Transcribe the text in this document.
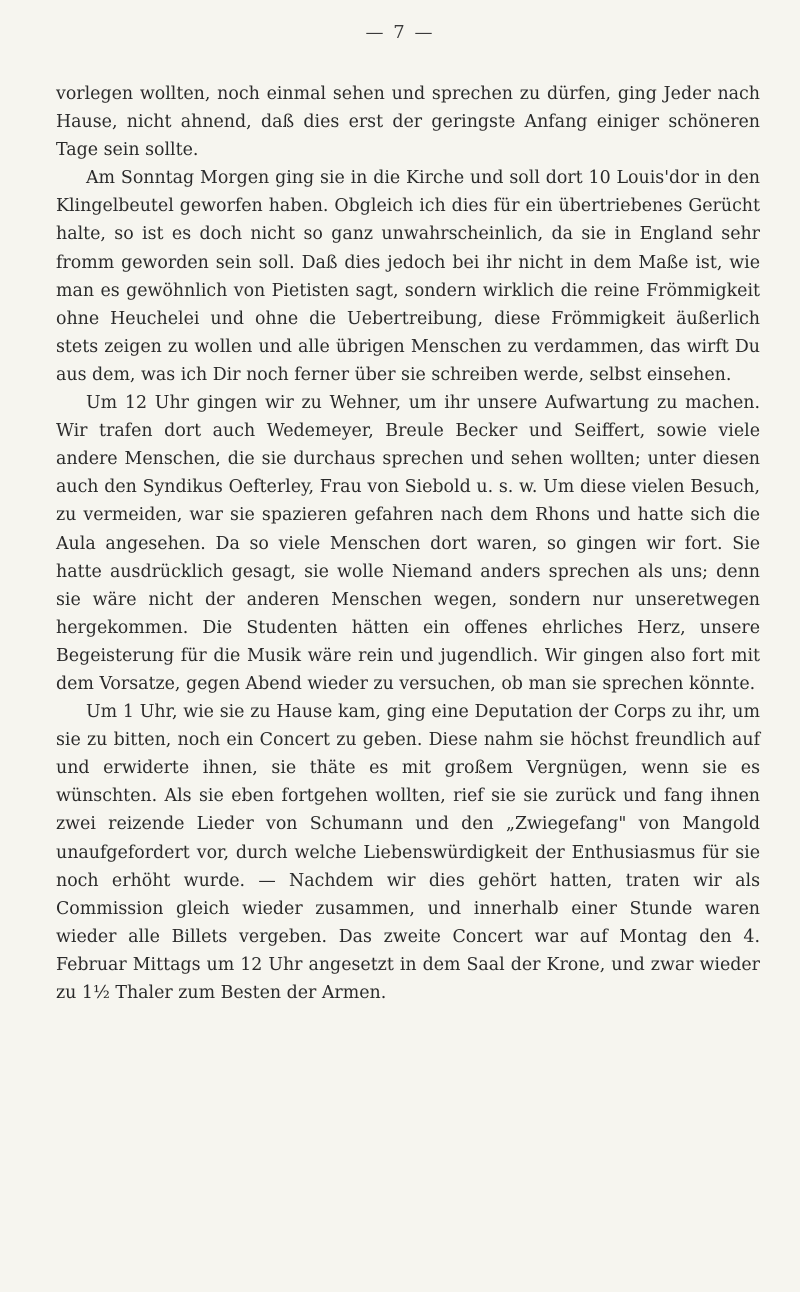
— 7 —

vorlegen wollten, noch einmal sehen und sprechen zu dürfen, ging Jeder nach Hause, nicht ahnend, daß dies erst der geringste Anfang einiger schöneren Tage sein sollte.

Am Sonntag Morgen ging sie in die Kirche und soll dort 10 Louis'dor in den Klingelbeutel geworfen haben. Obgleich ich dies für ein übertriebenes Gerücht halte, so ist es doch nicht so ganz unwahrscheinlich, da sie in England sehr fromm geworden sein soll. Daß dies jedoch bei ihr nicht in dem Maße ist, wie man es gewöhnlich von Pietisten sagt, sondern wirklich die reine Frömmigkeit ohne Heuchelei und ohne die Uebertreibung, diese Frömmigkeit äußerlich stets zeigen zu wollen und alle übrigen Menschen zu verdammen, das wirft Du aus dem, was ich Dir noch ferner über sie schreiben werde, selbst einsehen.

Um 12 Uhr gingen wir zu Wehner, um ihr unsere Aufwartung zu machen. Wir trafen dort auch Wedemeyer, Breule Becker und Seiffert, sowie viele andere Menschen, die sie durchaus sprechen und sehen wollten; unter diesen auch den Syndikus Oefterley, Frau von Siebold u. s. w. Um diese vielen Besuch, zu vermeiden, war sie spazieren gefahren nach dem Rhons und hatte sich die Aula angesehen. Da so viele Menschen dort waren, so gingen wir fort. Sie hatte ausdrücklich gesagt, sie wolle Niemand anders sprechen als uns; denn sie wäre nicht der anderen Menschen wegen, sondern nur unseretwegen hergekommen. Die Studenten hätten ein offenes ehrliches Herz, unsere Begeisterung für die Musik wäre rein und jugendlich. Wir gingen also fort mit dem Vorsatze, gegen Abend wieder zu versuchen, ob man sie sprechen könnte.

Um 1 Uhr, wie sie zu Hause kam, ging eine Deputation der Corps zu ihr, um sie zu bitten, noch ein Concert zu geben. Diese nahm sie höchst freundlich auf und erwiderte ihnen, sie thäte es mit großem Vergnügen, wenn sie es wünschten. Als sie eben fortgehen wollten, rief sie sie zurück und fang ihnen zwei reizende Lieder von Schumann und den „Zwiegefang" von Mangold unaufgefordert vor, durch welche Liebenswürdigkeit der Enthusiasmus für sie noch erhöht wurde. — Nachdem wir dies gehört hatten, traten wir als Commission gleich wieder zusammen, und innerhalb einer Stunde waren wieder alle Billets vergeben. Das zweite Concert war auf Montag den 4. Februar Mittags um 12 Uhr angesetzt in dem Saal der Krone, und zwar wieder zu 1½ Thaler zum Besten der Armen.
